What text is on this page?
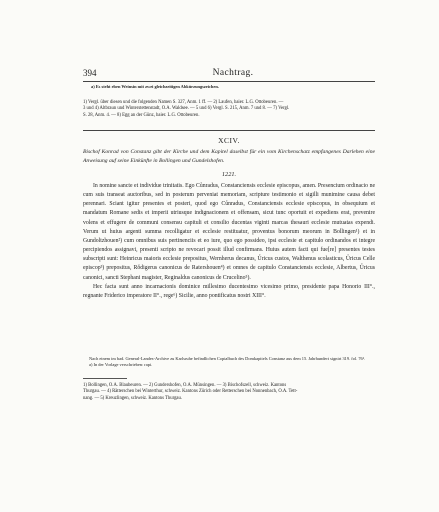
394	Nachtrag.
a) Es steht eben Weinsin mit zwei gleichzeitigen Abkürzungszeichen.

1) Vergl. über diesen und die folgenden Namen S. 327, Anm. 1 ff. — 2) Laufen, baier. L.G. Ottobeuren. —

3 und 4) Altbraun und Winterstettenstadt, O.A. Waldsee. — 5 und 6) Vergl. S. 215, Anm. 7 und 8. — 7) Vergl.

S. 28, Anm. 4. — 8) Egg an der Günz, baier. L.G. Ottobeuren.

XCIV.
Bischof Konrad von Constanz gibt der Kirche und dem Kapitel daselbst für ein vom Kirchenschatz empfangenes Darlehen eine Anweisung auf seine Einkünfte in Bollingen und Gundelshofen.
1221.

In nomine sancte et individue trinitatis. Ego Cůnradus, Constanciensis ecclesie episcopus, amen. Presencium ordinacio ne cum suis transeat auctoribus, sed in posterum perveniat memoriam, scripture testimonio et sigilli munimine causa debet perennari. Sciant igitur presentes et posteri, quod ego Cůnradus, Constanciensis ecclesie episcopus, in obsequium et mandatum Romane sedis et imperii utriusque indignacionem et offensam, sicut tunc oportuit et expediens erat, prevenire volens et effugere de communi consensu capituli et consilio ducentas viginti marcas thesauri ecclesie mutuatas expendi. Verum ut huius argenti summa recolligatur et ecclesie restituatur, proventus bonorum meorum in Bollingen¹) et in Gundoltzhouen²) cum omnibus suis pertinenciis et eo iure, quo ego possideo, ipsi ecclesie et capitulo ordinandos et integre percipiendos assignavi, presenti scripto ne revocari possit illud confirmans. Huius autem facti qui fue[re] presentes testes subscripti sunt: Heinricus maioris ecclesie prepositus, Wernherus decanus, Ůricus custos, Walthenus scolasticus, Ůricus Celle episcop³) prepositus, Rǒdigerus canonicus de Ratershouen⁴) et omnes de capitulo Constanciensis ecclesie, Albertus, Ůricus canonici, sancti Stephani magister, Reginaldus canonicus de Crucelino⁵).

Hec facta sunt anno incarnacionis dominice millesimo ducentesimo vicesimo primo, presidente papa Honorio III°., regnante Friderico imperatore II°., rege⁶) Sicilie, anno pontificatus nostri XIII°.

Nach einem im bad. General-Landes-Archive zu Karlsruhe befindlichen Copialbuch des Domkapitels Constanz aus dem 15. Jahrhundert signirt 319. fol. 76ᵇ.

a) In der Vorlage verschrieben: rapi.

1) Bollingen, O.A. Blaubeuren. — 2) Gundershofen, O.A. Münsingen. — 3) Bischofszell, schweiz. Kantons

Thurgau. — 4) Rätterschen bei Winterthur, schweiz. Kantons Zürich oder Retterschen bei Nonnenbach, O.A. Tett-

nang. — 5) Kreuzlingen, schweiz. Kantons Thurgau.
